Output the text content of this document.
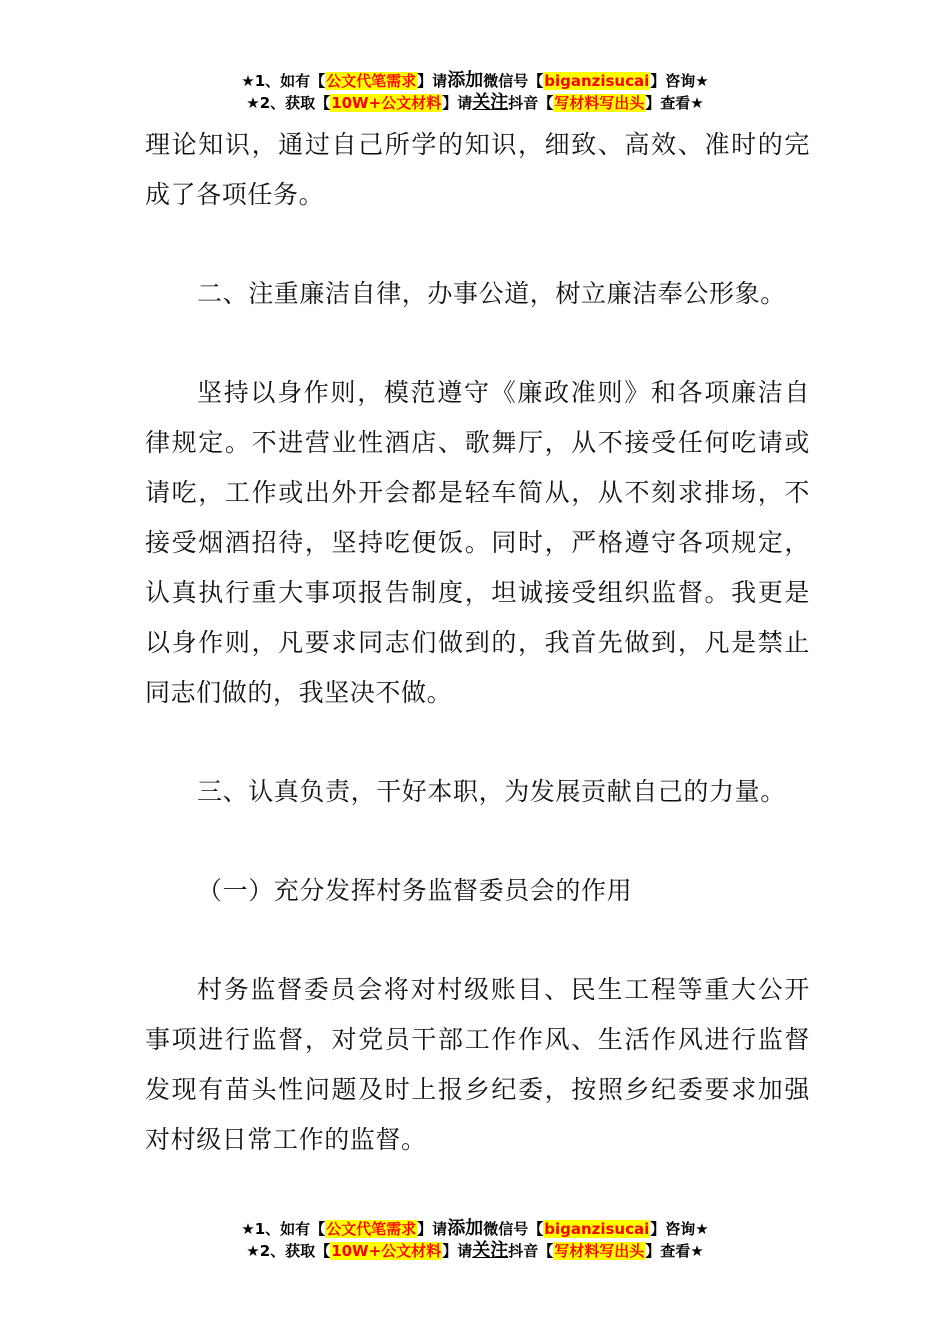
★1、如有【公文代笔需求】请添加微信号【biganzisucai】咨询★
★2、获取【10W+公文材料】请关注抖音【写材料写出头】查看★

理论知识，通过自己所学的知识，细致、高效、准时的完成了各项任务。

二、注重廉洁自律，办事公道，树立廉洁奉公形象。

坚持以身作则，模范遵守《廉政准则》和各项廉洁自律规定。不进营业性酒店、歌舞厅，从不接受任何吃请或请吃，工作或出外开会都是轻车简从，从不刻求排场，不接受烟酒招待，坚持吃便饭。同时，严格遵守各项规定，认真执行重大事项报告制度，坦诚接受组织监督。我更是以身作则，凡要求同志们做到的，我首先做到，凡是禁止同志们做的，我坚决不做。

三、认真负责，干好本职，为发展贡献自己的力量。

（一）充分发挥村务监督委员会的作用

村务监督委员会将对村级账目、民生工程等重大公开事项进行监督，对党员干部工作作风、生活作风进行监督发现有苗头性问题及时上报乡纪委，按照乡纪委要求加强对村级日常工作的监督。

★1、如有【公文代笔需求】请添加微信号【biganzisucai】咨询★
★2、获取【10W+公文材料】请关注抖音【写材料写出头】查看★
